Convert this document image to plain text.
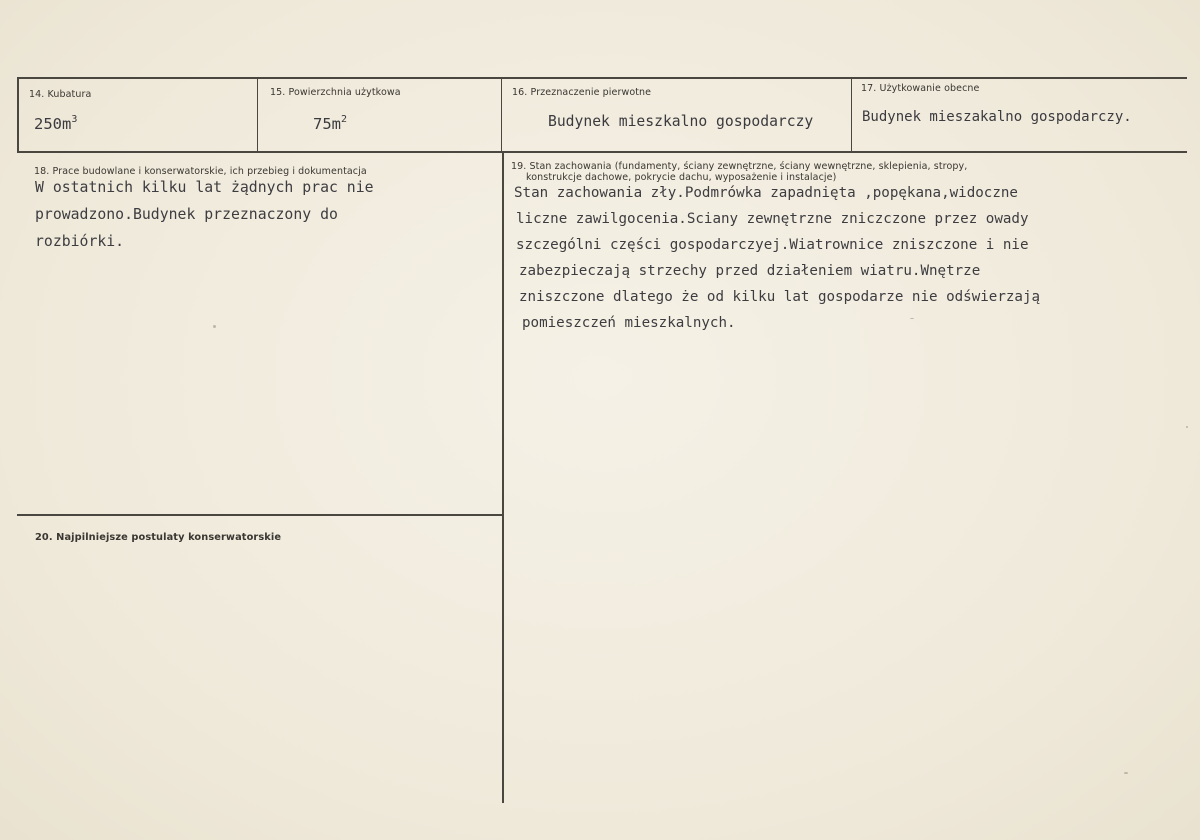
14. Kubatura
$250m^3$
15. Powierzchnia użytkowa
$75m^2$
16. Przeznaczenie pierwotne
Budynek mieszkalno gospodarczy
17. Użytkowanie obecne
Budynek mieszakalno gospodarczy.
18. Prace budowlane i konserwatorskie, ich przebieg i dokumentacja
W ostatnich kilku lat żądnych prac nie
prowadzono.Budynek przeznaczony do
rozbiórki.
19. Stan zachowania (fundamenty, ściany zewnętrzne, ściany wewnętrzne, sklepienia, stropy,
konstrukcje dachowe, pokrycie dachu, wyposażenie i instalacje)
Stan zachowania zły.Podmrówka zapadnięta ,popękana,widoczne
liczne zawilgocenia.Sciany zewnętrzne zniczczone przez owady
szczególni części gospodarczyej.Wiatrownice zniszczone i nie
zabezpieczają strzechy przed działeniem wiatru.Wnętrze
zniszczone dlatego że od kilku lat gospodarze nie odświerzają
pomieszczeń mieszkalnych.
20. Najpilniejsze postulaty konserwatorskie
